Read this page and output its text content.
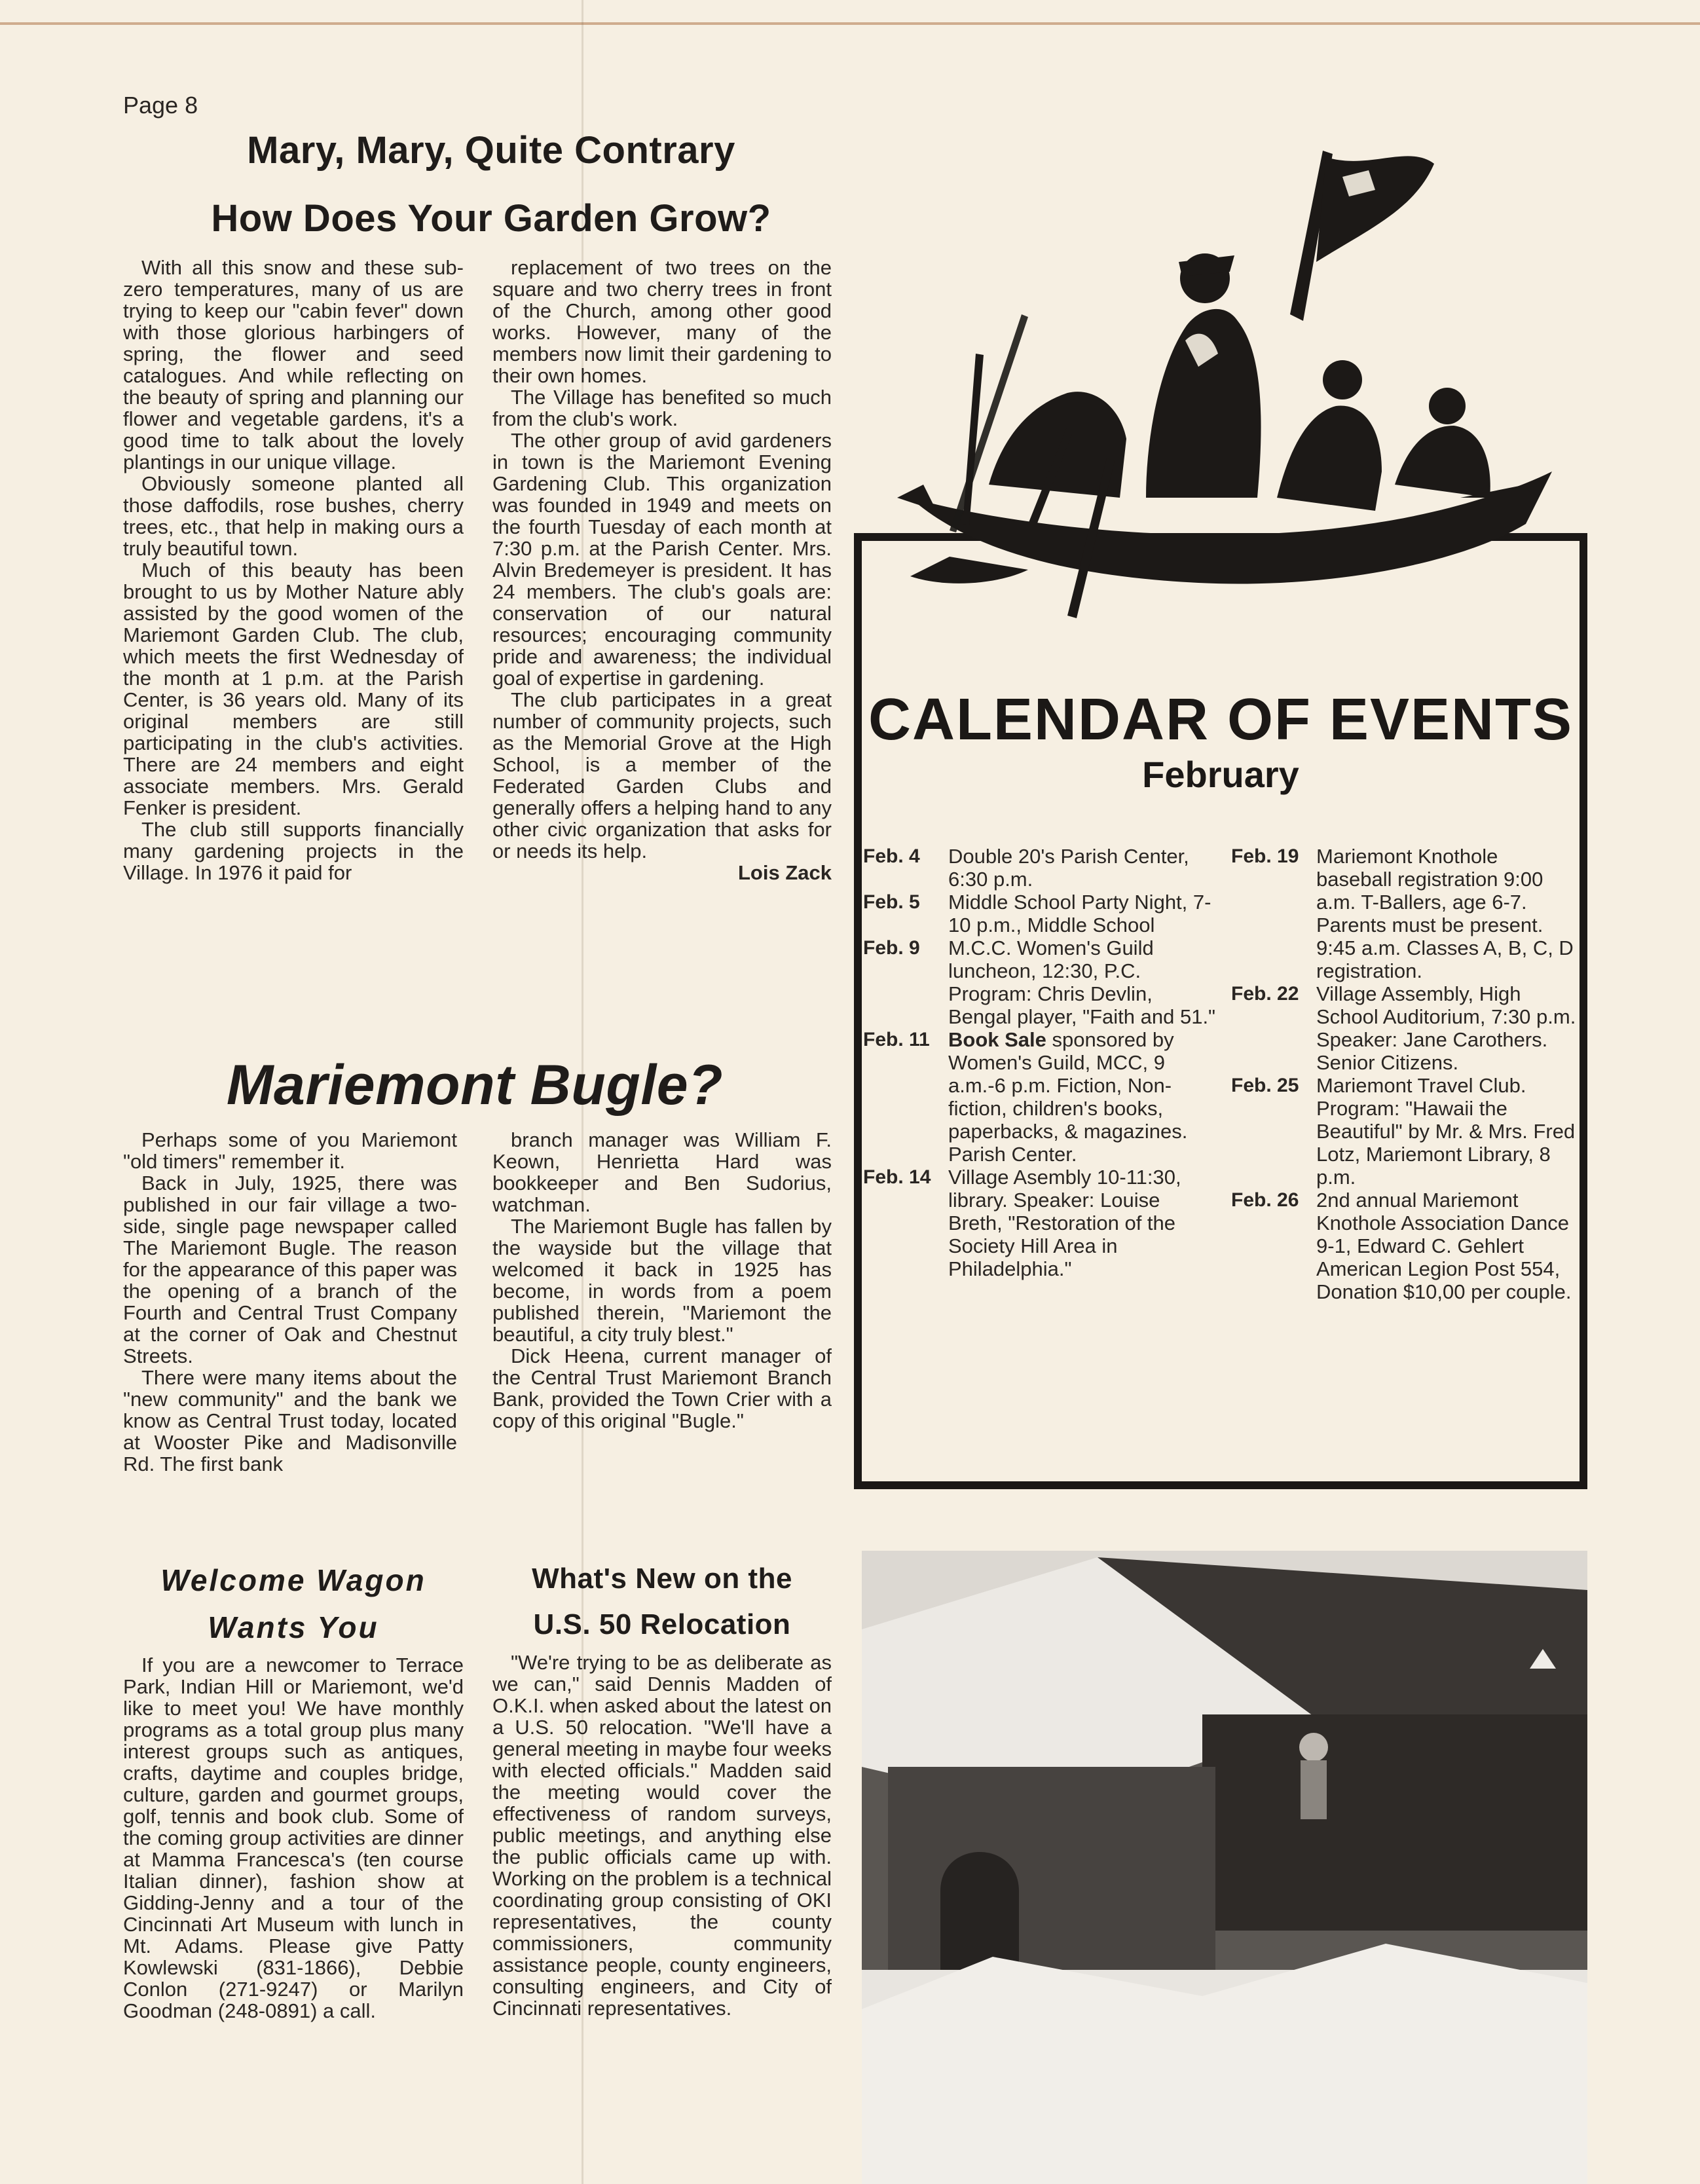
Page 8
Mary, Mary, Quite Contrary
How Does Your Garden Grow?

With all this snow and these sub-zero temperatures, many of us are trying to keep our "cabin fever" down with those glorious harbingers of spring, the flower and seed catalogues. And while reflecting on the beauty of spring and planning our flower and vegetable gardens, it's a good time to talk about the lovely plantings in our unique village.

Obviously someone planted all those daffodils, rose bushes, cherry trees, etc., that help in making ours a truly beautiful town.

Much of this beauty has been brought to us by Mother Nature ably assisted by the good women of the Mariemont Garden Club. The club, which meets the first Wednesday of the month at 1 p.m. at the Parish Center, is 36 years old. Many of its original members are still participating in the club's activities. There are 24 members and eight associate members. Mrs. Gerald Fenker is president.

The club still supports financially many gardening projects in the Village. In 1976 it paid for

replacement of two trees on the square and two cherry trees in front of the Church, among other good works. However, many of the members now limit their gardening to their own homes.

The Village has benefited so much from the club's work.

The other group of avid gardeners in town is the Mariemont Evening Gardening Club. This organization was founded in 1949 and meets on the fourth Tuesday of each month at 7:30 p.m. at the Parish Center. Mrs. Alvin Bredemeyer is president. It has 24 members. The club's goals are: conservation of our natural resources; encouraging community pride and awareness; the individual goal of expertise in gardening.

The club participates in a great number of community projects, such as the Memorial Grove at the High School, is a member of the Federated Garden Clubs and generally offers a helping hand to any other civic organization that asks for or needs its help.

Lois Zack

Mariemont Bugle?

Perhaps some of you Mariemont "old timers" remember it.

Back in July, 1925, there was published in our fair village a two-side, single page newspaper called The Mariemont Bugle. The reason for the appearance of this paper was the opening of a branch of the Fourth and Central Trust Company at the corner of Oak and Chestnut Streets.

There were many items about the "new community" and the bank we know as Central Trust today, located at Wooster Pike and Madisonville Rd. The first bank

branch manager was William F. Keown, Henrietta Hard was bookkeeper and Ben Sudorius, watchman.

The Mariemont Bugle has fallen by the wayside but the village that welcomed it back in 1925 has become, in words from a poem published therein, "Mariemont the beautiful, a city truly blest."

Dick Heena, current manager of the Central Trust Mariemont Branch Bank, provided the Town Crier with a copy of this original "Bugle."

Welcome Wagon
Wants You

If you are a newcomer to Terrace Park, Indian Hill or Mariemont, we'd like to meet you! We have monthly programs as a total group plus many interest groups such as antiques, crafts, daytime and couples bridge, culture, garden and gourmet groups, golf, tennis and book club. Some of the coming group activities are dinner at Mamma Francesca's (ten course Italian dinner), fashion show at Gidding-Jenny and a tour of the Cincinnati Art Museum with lunch in Mt. Adams. Please give Patty Kowlewski (831-1866), Debbie Conlon (271-9247) or Marilyn Goodman (248-0891) a call.

What's New on the
U.S. 50 Relocation

"We're trying to be as deliberate as we can," said Dennis Madden of O.K.I. when asked about the latest on a U.S. 50 relocation. "We'll have a general meeting in maybe four weeks with elected officials." Madden said the meeting would cover the effectiveness of random surveys, public meetings, and anything else the public officials came up with. Working on the problem is a technical coordinating group consisting of OKI representatives, the county commissioners, community assistance people, county engineers, consulting engineers, and City of Cincinnati representatives.

CALENDAR OF EVENTS
February
Feb. 4	Double 20's Parish Center, 6:30 p.m.
Feb. 5	Middle School Party Night, 7-10 p.m., Middle School
Feb. 9	M.C.C. Women's Guild luncheon, 12:30, P.C. Program: Chris Devlin, Bengal player, "Faith and 51."
Feb. 11 Book Sale sponsored by Women's Guild, MCC, 9 a.m.-6 p.m. Fiction, Non-fiction, children's books, paperbacks, & magazines. Parish Center.
Feb. 14 Village Asembly 10-11:30, library. Speaker: Louise Breth, "Restoration of the Society Hill Area in Philadelphia."
Feb. 19 Mariemont Knothole baseball registration 9:00 a.m. T-Ballers, age 6-7. Parents must be present. 9:45 a.m. Classes A, B, C, D registration.
Feb. 22 Village Assembly, High School Auditorium, 7:30 p.m. Speaker: Jane Carothers. Senior Citizens.
Feb. 25 Mariemont Travel Club. Program: "Hawaii the Beautiful" by Mr. & Mrs. Fred Lotz, Mariemont Library, 8 p.m.
Feb. 26 2nd annual Mariemont Knothole Association Dance 9-1, Edward C. Gehlert American Legion Post 554, Donation $10,00 per couple.
